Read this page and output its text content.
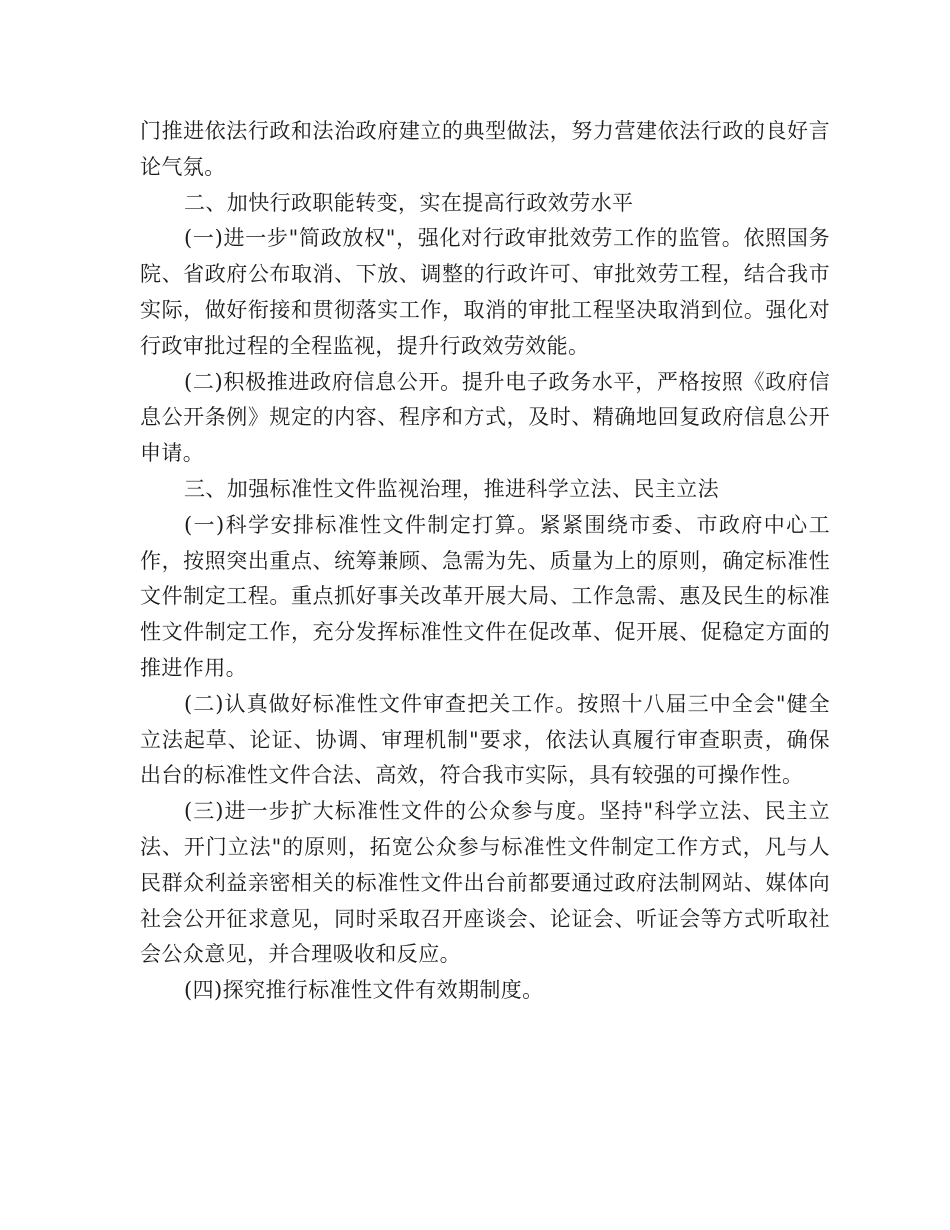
门推进依法行政和法治政府建立的典型做法，努力营建依法行政的良好言论气氛。

二、加快行政职能转变，实在提高行政效劳水平

(一)进一步"简政放权"，强化对行政审批效劳工作的监管。依照国务院、省政府公布取消、下放、调整的行政许可、审批效劳工程，结合我市实际，做好衔接和贯彻落实工作，取消的审批工程坚决取消到位。强化对行政审批过程的全程监视，提升行政效劳效能。

(二)积极推进政府信息公开。提升电子政务水平，严格按照《政府信息公开条例》规定的内容、程序和方式，及时、精确地回复政府信息公开申请。

三、加强标准性文件监视治理，推进科学立法、民主立法

(一)科学安排标准性文件制定打算。紧紧围绕市委、市政府中心工作，按照突出重点、统筹兼顾、急需为先、质量为上的原则，确定标准性文件制定工程。重点抓好事关改革开展大局、工作急需、惠及民生的标准性文件制定工作，充分发挥标准性文件在促改革、促开展、促稳定方面的推进作用。

(二)认真做好标准性文件审查把关工作。按照十八届三中全会"健全立法起草、论证、协调、审理机制"要求，依法认真履行审查职责，确保出台的标准性文件合法、高效，符合我市实际，具有较强的可操作性。

(三)进一步扩大标准性文件的公众参与度。坚持"科学立法、民主立法、开门立法"的原则，拓宽公众参与标准性文件制定工作方式，凡与人民群众利益亲密相关的标准性文件出台前都要通过政府法制网站、媒体向社会公开征求意见，同时采取召开座谈会、论证会、听证会等方式听取社会公众意见，并合理吸收和反应。

(四)探究推行标准性文件有效期制度。
